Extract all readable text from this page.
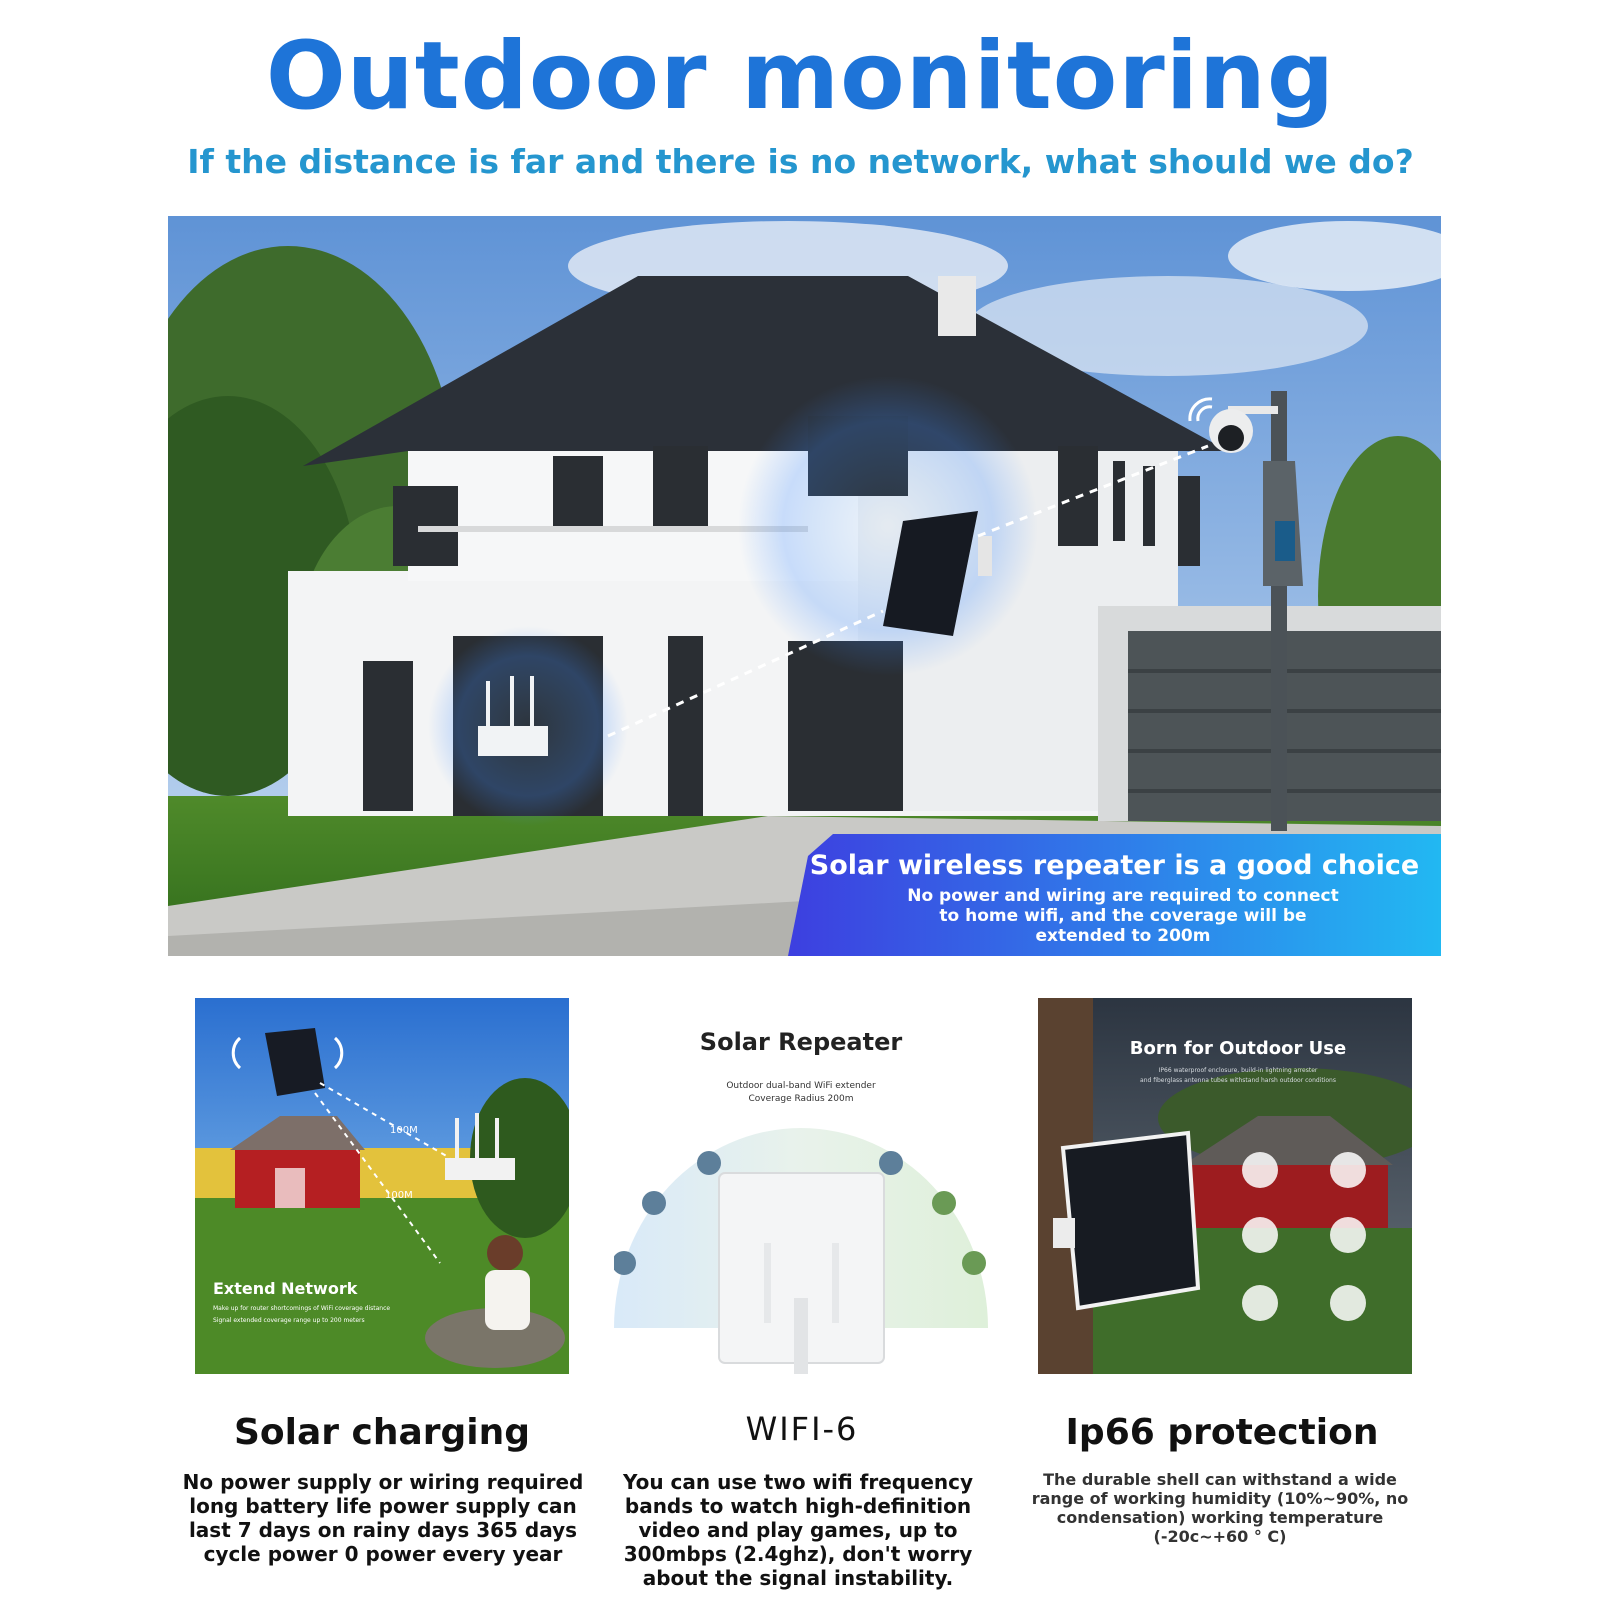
Outdoor monitoring
If the distance is far and there is no network, what should we do?
Solar wireless repeater is a good choice
No power and wiring are required to connect to home wifi, and the coverage will be extended to 200m
100M
100M
Extend Network
Make up for router shortcomings of WiFi coverage distance
Signal extended coverage range up to 200 meters
Solar Repeater
Outdoor dual-band WiFi extender
Coverage Radius 200m
Born for Outdoor Use
IP66 waterproof enclosure, build-in lightning arrester
and fiberglass antenna tubes withstand harsh outdoor conditions
Solar charging	WIFI-6	Ip66 protection
No power supply or wiring required long battery life power supply can last 7 days on rainy days 365 days cycle power 0 power every year
You can use two wifi frequency bands to watch high-definition video and play games, up to 300mbps (2.4ghz), don't worry about the signal instability.
The durable shell can withstand a wide range of working humidity (10%~90%, no condensation) working temperature (-20c~+60 ° C)
